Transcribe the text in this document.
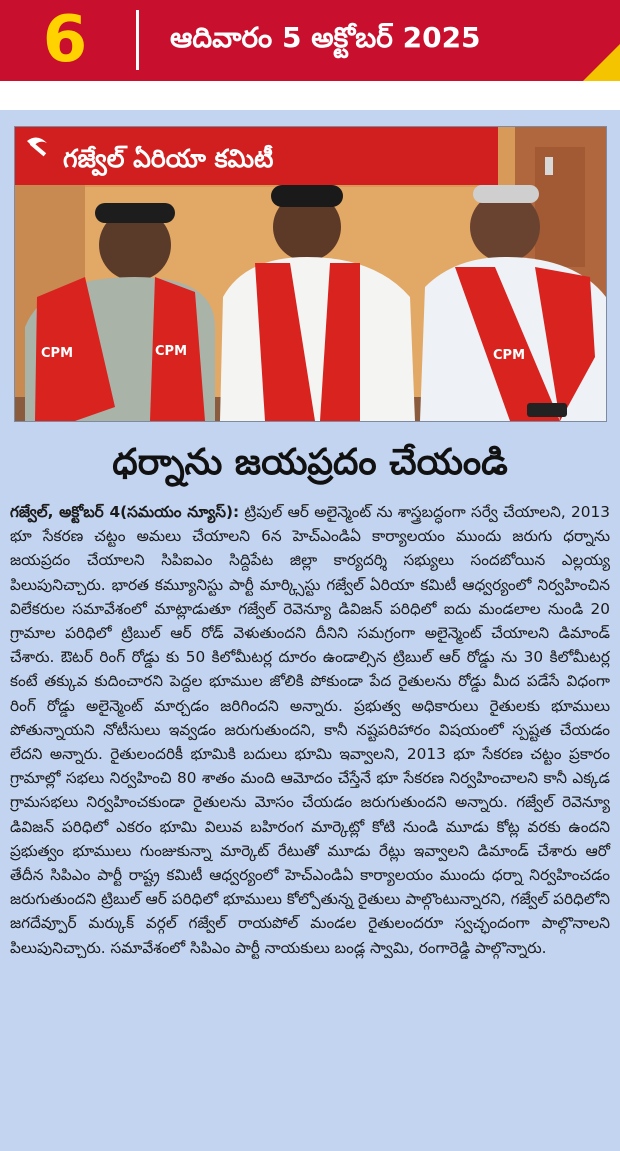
6	ఆదివారం 5 అక్టోబర్ 2025
గజ్వేల్ ఏరియా కమిటీ
CPM	CPM	CPM
ధర్నాను జయప్రదం చేయండి

గజ్వేల్, అక్టోబర్ 4(సమయం న్యూస్): ట్రిపుల్ ఆర్ అలైన్మెంట్ ను శాస్త్రబద్ధంగా సర్వే చేయాలని, 2013 భూ సేకరణ చట్టం అమలు చేయాలని 6న హెచ్ఎండిఏ కార్యాలయం ముందు జరుగు ధర్నాను జయప్రదం చేయాలని సిపిఐఎం సిద్దిపేట జిల్లా కార్యదర్శి సభ్యులు సందబోయిన ఎల్లయ్య పిలుపునిచ్చారు. భారత కమ్యూనిస్టు పార్టీ మార్క్సిస్టు గజ్వేల్ ఏరియా కమిటీ ఆధ్వర్యంలో నిర్వహించిన విలేకరుల సమావేశంలో మాట్లాడుతూ గజ్వేల్ రెవెన్యూ డివిజన్ పరిధిలో ఐదు మండలాల నుండి 20 గ్రామాల పరిధిలో ట్రిబుల్ ఆర్ రోడ్ వెళుతుందని దీనిని సమగ్రంగా అలైన్మెంట్ చేయాలని డిమాండ్ చేశారు. ఔటర్ రింగ్ రోడ్డు కు 50 కిలోమీటర్ల దూరం ఉండాల్సిన ట్రిబుల్ ఆర్ రోడ్డు ను 30 కిలోమీటర్ల కంటే తక్కువ కుదించారని పెద్దల భూముల జోలికి పోకుండా పేద రైతులను రోడ్డు మీద పడేసే విధంగా రింగ్ రోడ్డు అలైన్మెంట్ మార్చడం జరిగిందని అన్నారు. ప్రభుత్వ అధికారులు రైతులకు భూములు పోతున్నాయని నోటీసులు ఇవ్వడం జరుగుతుందని, కానీ నష్టపరిహారం విషయంలో స్పష్టత చేయడం లేదని అన్నారు. రైతులందరికీ భూమికి బదులు భూమి ఇవ్వాలని, 2013 భూ సేకరణ చట్టం ప్రకారం గ్రామాల్లో సభలు నిర్వహించి 80 శాతం మంది ఆమోదం చేస్తేనే భూ సేకరణ నిర్వహించాలని కానీ ఎక్కడ గ్రామసభలు నిర్వహించకుండా రైతులను మోసం చేయడం జరుగుతుందని అన్నారు. గజ్వేల్ రెవెన్యూ డివిజన్ పరిధిలో ఎకరం భూమి విలువ బహిరంగ మార్కెట్లో కోటి నుండి మూడు కోట్ల వరకు ఉందని ప్రభుత్వం భూములు గుంజుకున్నా మార్కెట్ రేటుతో మూడు రేట్లు ఇవ్వాలని డిమాండ్ చేశారు ఆరో తేదీన సిపిఎం పార్టీ రాష్ట్ర కమిటీ ఆధ్వర్యంలో హెచ్ఎండిఏ కార్యాలయం ముందు ధర్నా నిర్వహించడం జరుగుతుందని ట్రిబుల్ ఆర్ పరిధిలో భూములు కోల్పోతున్న రైతులు పాల్గొంటున్నారని, గజ్వేల్ పరిధిలోని జగదేవ్పూర్ మర్కుక్ వర్గల్ గజ్వేల్ రాయపోల్ మండల రైతులందరూ స్వచ్ఛందంగా పాల్గొనాలని పిలుపునిచ్చారు. సమావేశంలో సిపిఎం పార్టీ నాయకులు బండ్ల స్వామి, రంగారెడ్డి పాల్గొన్నారు.
